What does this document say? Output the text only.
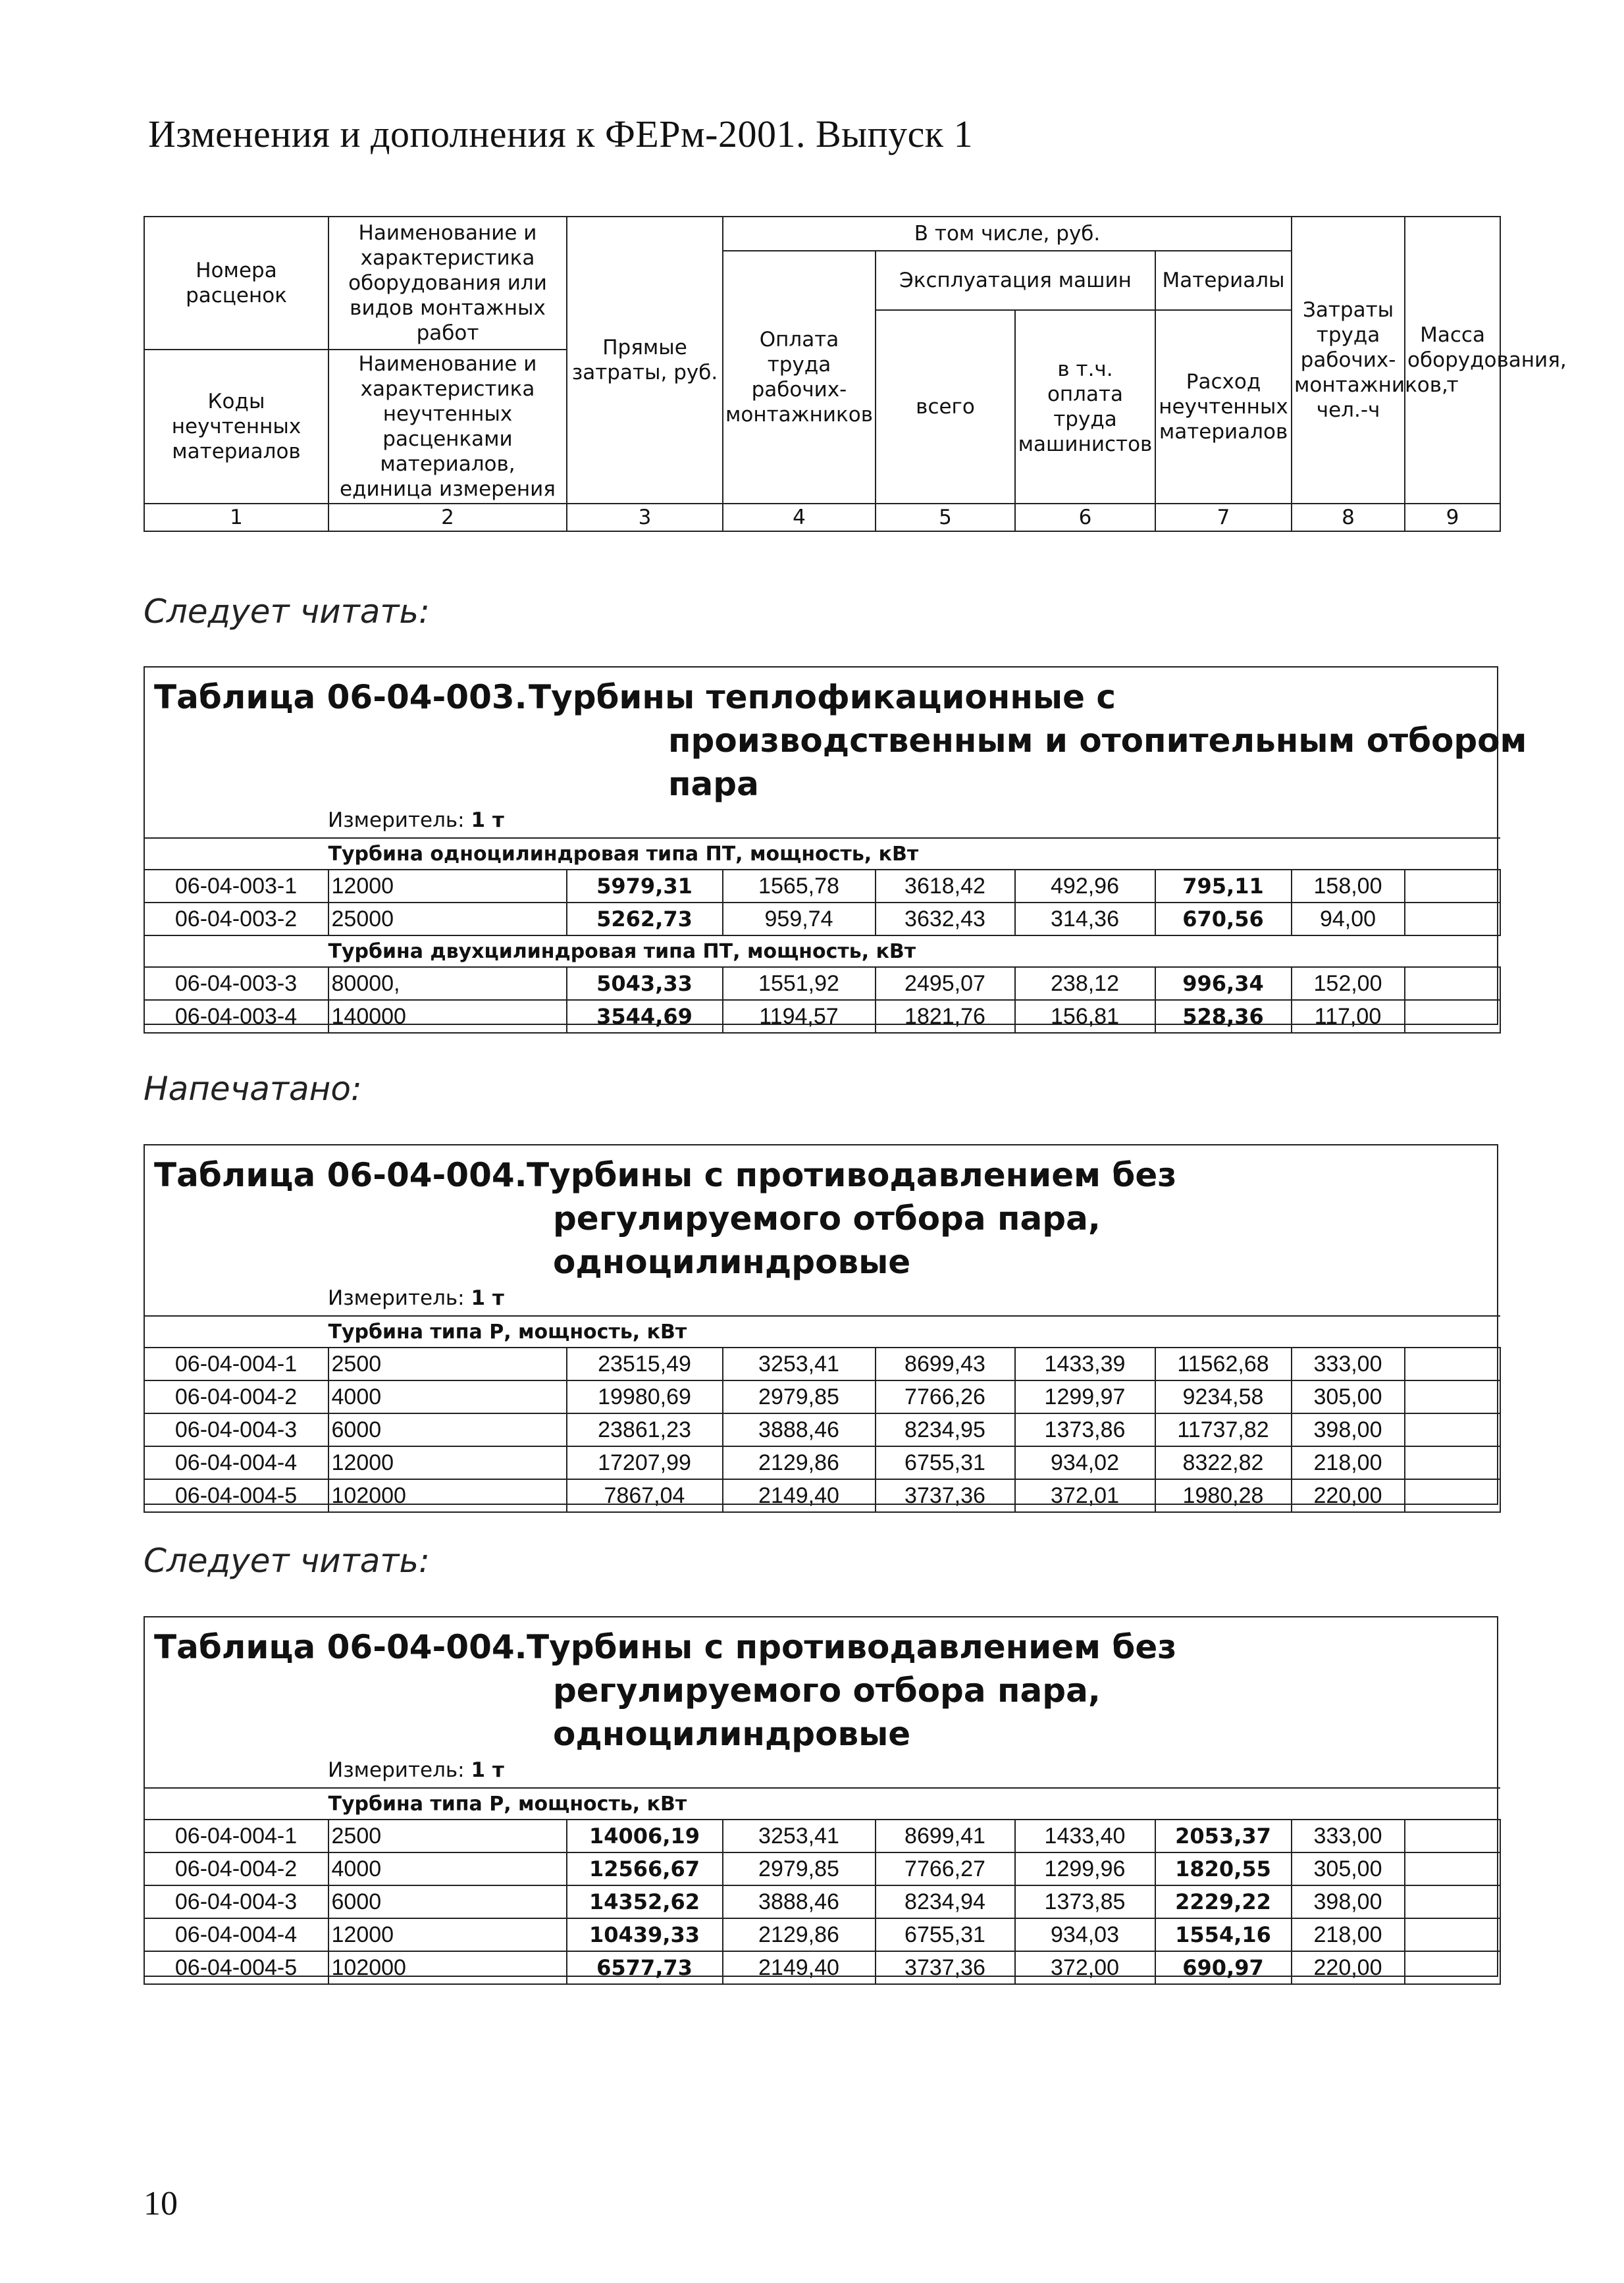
Изменения и дополнения к ФЕРм-2001. Выпуск 1
Номера расценок	Наименование и характеристика оборудования или видов монтажных работ	Прямые затраты, руб.	В том числе, руб.				Затраты труда рабочих-монтажников, чел.-ч	Масса оборудования, т
			Оплата труда рабочих-монтажников	Эксплуатация машин		Материалы		
				всего	в т.ч. оплата труда машинистов	Расход неучтенных материалов		
Коды неучтенных материалов	Наименование и характеристика неучтенных расценками материалов, единица измерения							

1	2	3	4	5	6	7	8	9
Следует читать:
Таблица 06-04-003. Турбины теплофикационные с
производственным и отопительным отбором
пара
Измеритель: 1 т
Турбина одноцилиндровая типа ПТ, мощность, кВт								
06-04-003-1	12000	5979,31	1565,78	3618,42	492,96	795,11	158,00	
06-04-003-2	25000	5262,73	959,74	3632,43	314,36	670,56	94,00	
Турбина двухцилиндровая типа ПТ, мощность, кВт								
06-04-003-3	80000,	5043,33	1551,92	2495,07	238,12	996,34	152,00	
06-04-003-4	140000	3544,69	1194,57	1821,76	156,81	528,36	117,00	
Напечатано:
Таблица 06-04-004. Турбины с противодавлением без
регулируемого отбора пара,
одноцилиндровые
Измеритель: 1 т
Турбина типа Р, мощность, кВт								
06-04-004-1	2500	23515,49	3253,41	8699,43	1433,39	11562,68	333,00	
06-04-004-2	4000	19980,69	2979,85	7766,26	1299,97	9234,58	305,00	
06-04-004-3	6000	23861,23	3888,46	8234,95	1373,86	11737,82	398,00	
06-04-004-4	12000	17207,99	2129,86	6755,31	934,02	8322,82	218,00	
06-04-004-5	102000	7867,04	2149,40	3737,36	372,01	1980,28	220,00	
Следует читать:
Таблица 06-04-004. Турбины с противодавлением без
регулируемого отбора пара,
одноцилиндровые
Измеритель: 1 т
Турбина типа Р, мощность, кВт								
06-04-004-1	2500	14006,19	3253,41	8699,41	1433,40	2053,37	333,00	
06-04-004-2	4000	12566,67	2979,85	7766,27	1299,96	1820,55	305,00	
06-04-004-3	6000	14352,62	3888,46	8234,94	1373,85	2229,22	398,00	
06-04-004-4	12000	10439,33	2129,86	6755,31	934,03	1554,16	218,00	
06-04-004-5	102000	6577,73	2149,40	3737,36	372,00	690,97	220,00	
10
